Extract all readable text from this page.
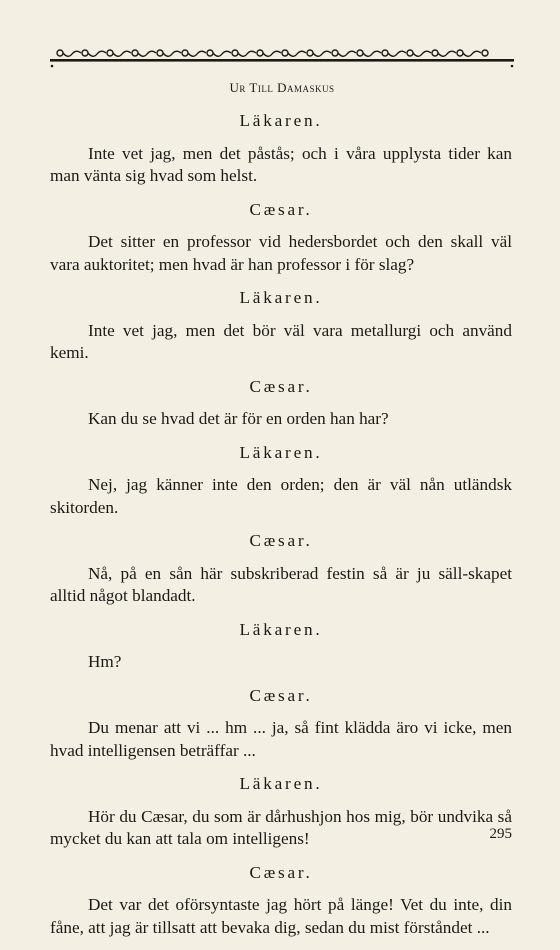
Ur Till Damaskus
Läkaren.

Inte vet jag, men det påstås; och i våra upplysta tider kan man vänta sig hvad som helst.

Cæsar.

Det sitter en professor vid hedersbordet och den skall väl vara auktoritet; men hvad är han professor i för slag?

Läkaren.

Inte vet jag, men det bör väl vara metallurgi och använd kemi.

Cæsar.

Kan du se hvad det är för en orden han har?

Läkaren.

Nej, jag känner inte den orden; den är väl nån utländsk skitorden.

Cæsar.

Nå, på en sån här subskriberad festin så är ju säll-skapet alltid något blandadt.

Läkaren.

Hm?

Cæsar.

Du menar att vi ... hm ... ja, så fint klädda äro vi icke, men hvad intelligensen beträffar ...

Läkaren.

Hör du Cæsar, du som är dårhushjon hos mig, bör undvika så mycket du kan att tala om intelligens!

Cæsar.

Det var det oförsyntaste jag hört på länge! Vet du inte, din fåne, att jag är tillsatt att bevaka dig, sedan du mist förståndet ...

295
